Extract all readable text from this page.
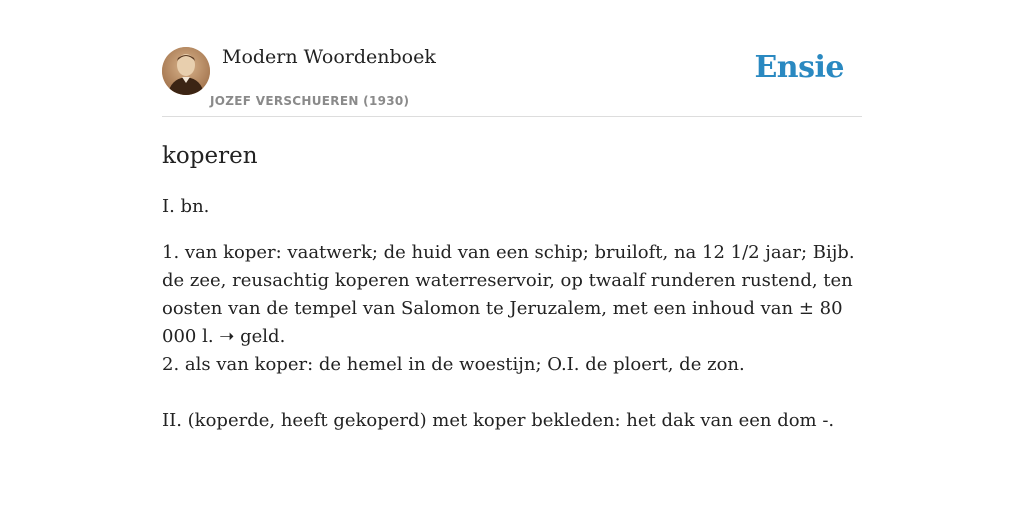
Modern Woordenboek
JOZEF VERSCHUEREN (1930)
Ensie
koperen
I. bn.
1. van koper: vaatwerk; de huid van een schip; bruiloft, na 12 1/2 jaar; Bijb. de zee, reusachtig koperen waterreservoir, op twaalf runderen rustend, ten oosten van de tempel van Salomon te Jeruzalem, met een inhoud van ± 80 000 l. ➝ geld.
2. als van koper: de hemel in de woestijn; O.I. de ploert, de zon.
II. (koperde, heeft gekoperd) met koper bekleden: het dak van een dom -.
